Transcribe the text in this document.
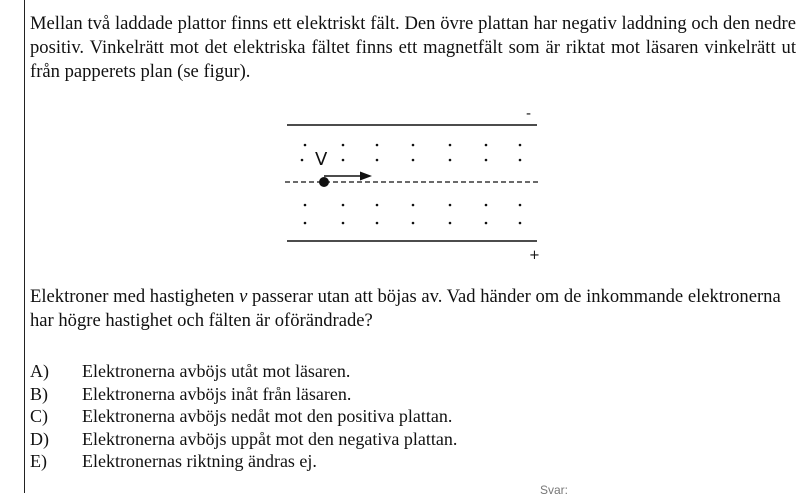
Mellan två laddade plattor finns ett elektriskt fält. Den övre plattan har negativ laddning och den nedre positiv. Vinkelrätt mot det elektriska fältet finns ett magnetfält som är riktat mot läsaren vinkelrätt ut från papperets plan (se figur).

-
+
V

Elektroner med hastigheten v passerar utan att böjas av. Vad händer om de inkommande elektronerna har högre hastighet och fälten är oförändrade?

A)	Elektronerna avböjs utåt mot läsaren.
B)	Elektronerna avböjs inåt från läsaren.
C)	Elektronerna avböjs nedåt mot den positiva plattan.
D)	Elektronerna avböjs uppåt mot den negativa plattan.
E)	Elektronernas riktning ändras ej.
Svar:
